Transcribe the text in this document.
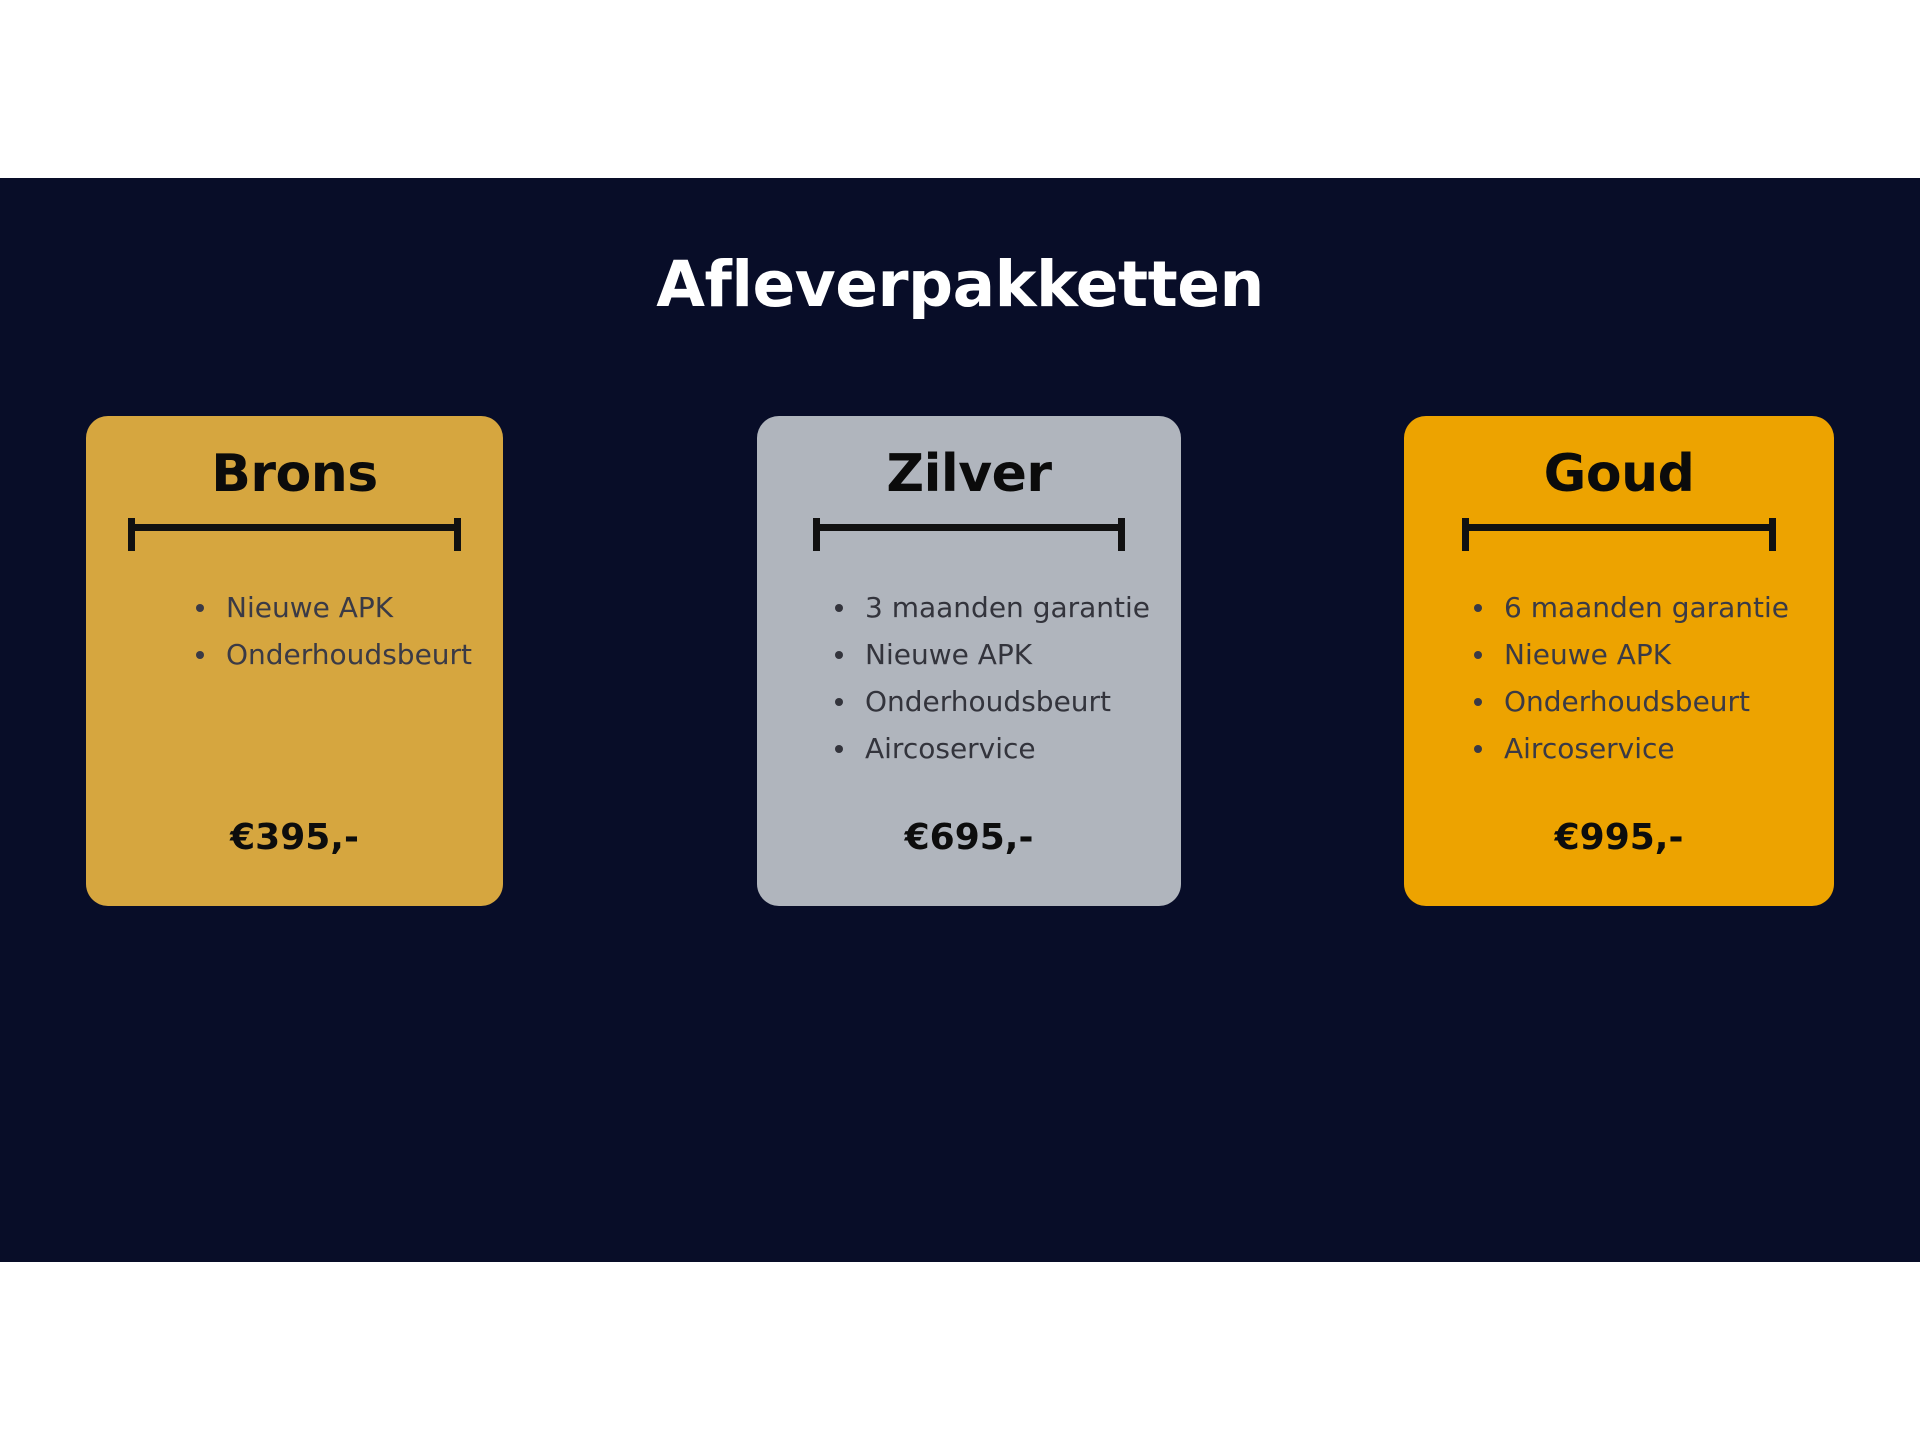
Afleverpakketten
Brons
Nieuwe APK
Onderhoudsbeurt
€395,-
Zilver
3 maanden garantie
Nieuwe APK
Onderhoudsbeurt
Aircoservice
€695,-
Goud
6 maanden garantie
Nieuwe APK
Onderhoudsbeurt
Aircoservice
€995,-
Al onze occasions worden afgeleverd inclusief technische aflevercontrole.
Garantie bepaling op motor en versnellingsbak.
